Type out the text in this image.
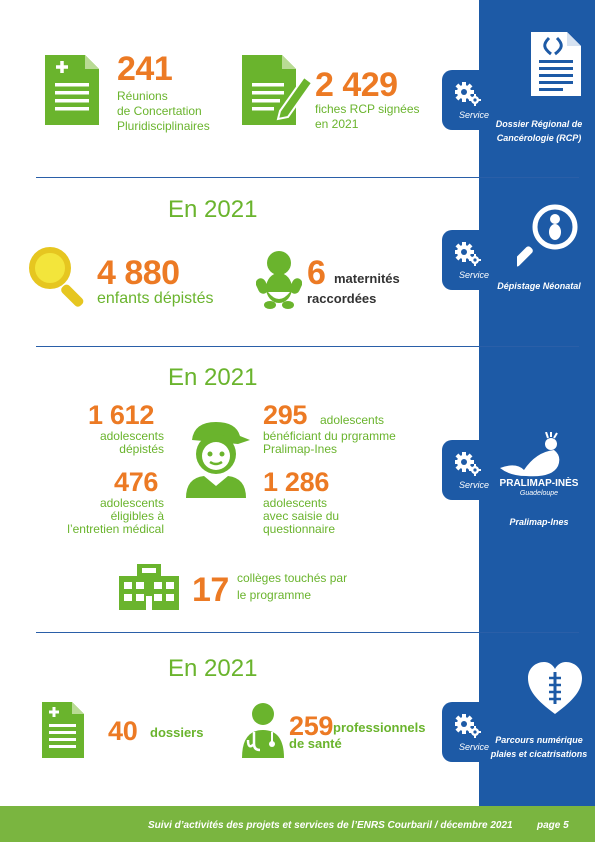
Dossier Régional de Cancérologie (RCP)
Service
Dépistage Néonatal
Service
PRALIMAP-INÈS
Guadeloupe
Pralimap-Ines
Service
Parcours numérique plaies et cicatrisations
Service
241
Réunions
de Concertation
Pluridisciplinaires
2 429
fiches RCP signées
en 2021
En 2021
4 880
enfants dépistés
6 maternités
raccordées
En 2021
1 612
adolescents
dépistés
295 adolescents
bénéficiant du prgramme
Pralimap-Ines
476
adolescents
éligibles à
l’entretien médical
1 286
adolescents
avec saisie du
questionnaire
17 collèges touchés par
le programme
En 2021
40 dossiers	259 professionnels
de santé
Suivi d’activités des projets et services de l’ENRS Courbaril / décembre 2021 page 5
